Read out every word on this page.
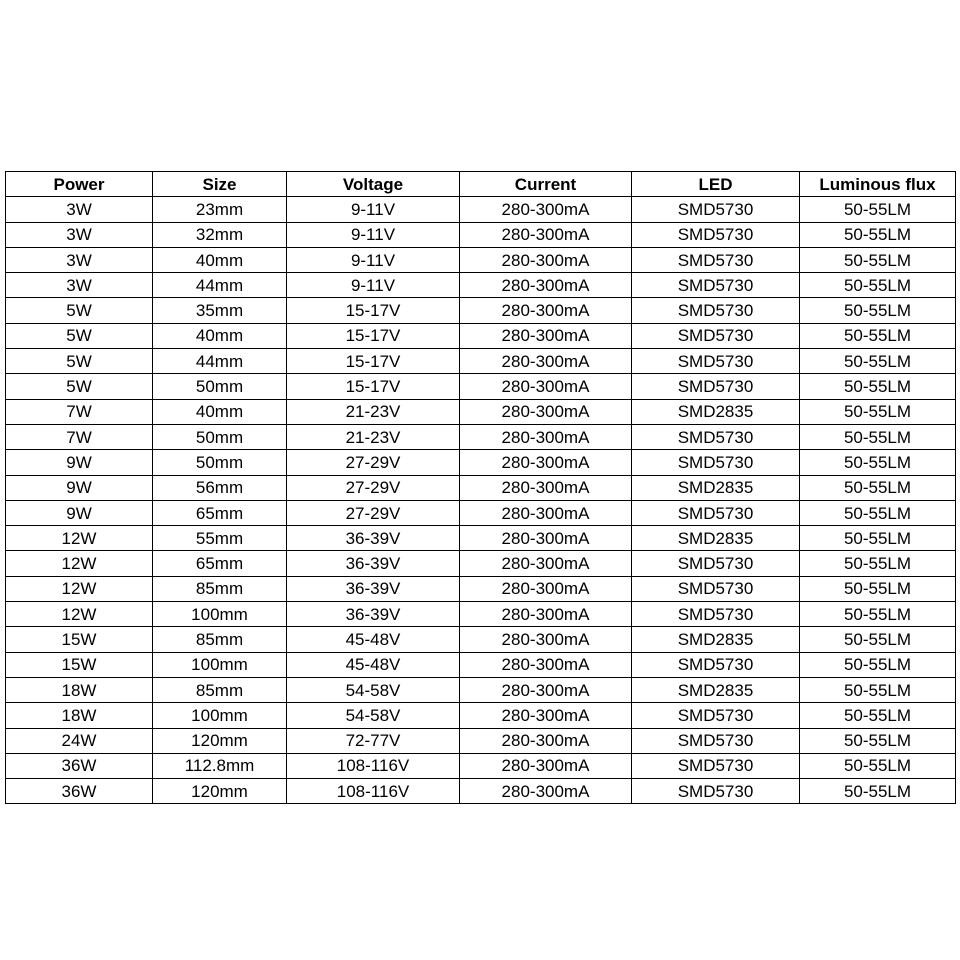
Power	Size	Voltage	Current	LED	Luminous flux
3W	23mm	9-11V	280-300mA	SMD5730	50-55LM
3W	32mm	9-11V	280-300mA	SMD5730	50-55LM
3W	40mm	9-11V	280-300mA	SMD5730	50-55LM
3W	44mm	9-11V	280-300mA	SMD5730	50-55LM
5W	35mm	15-17V	280-300mA	SMD5730	50-55LM
5W	40mm	15-17V	280-300mA	SMD5730	50-55LM
5W	44mm	15-17V	280-300mA	SMD5730	50-55LM
5W	50mm	15-17V	280-300mA	SMD5730	50-55LM
7W	40mm	21-23V	280-300mA	SMD2835	50-55LM
7W	50mm	21-23V	280-300mA	SMD5730	50-55LM
9W	50mm	27-29V	280-300mA	SMD5730	50-55LM
9W	56mm	27-29V	280-300mA	SMD2835	50-55LM
9W	65mm	27-29V	280-300mA	SMD5730	50-55LM
12W	55mm	36-39V	280-300mA	SMD2835	50-55LM
12W	65mm	36-39V	280-300mA	SMD5730	50-55LM
12W	85mm	36-39V	280-300mA	SMD5730	50-55LM
12W	100mm	36-39V	280-300mA	SMD5730	50-55LM
15W	85mm	45-48V	280-300mA	SMD2835	50-55LM
15W	100mm	45-48V	280-300mA	SMD5730	50-55LM
18W	85mm	54-58V	280-300mA	SMD2835	50-55LM
18W	100mm	54-58V	280-300mA	SMD5730	50-55LM
24W	120mm	72-77V	280-300mA	SMD5730	50-55LM
36W	112.8mm	108-116V	280-300mA	SMD5730	50-55LM
36W	120mm	108-116V	280-300mA	SMD5730	50-55LM
